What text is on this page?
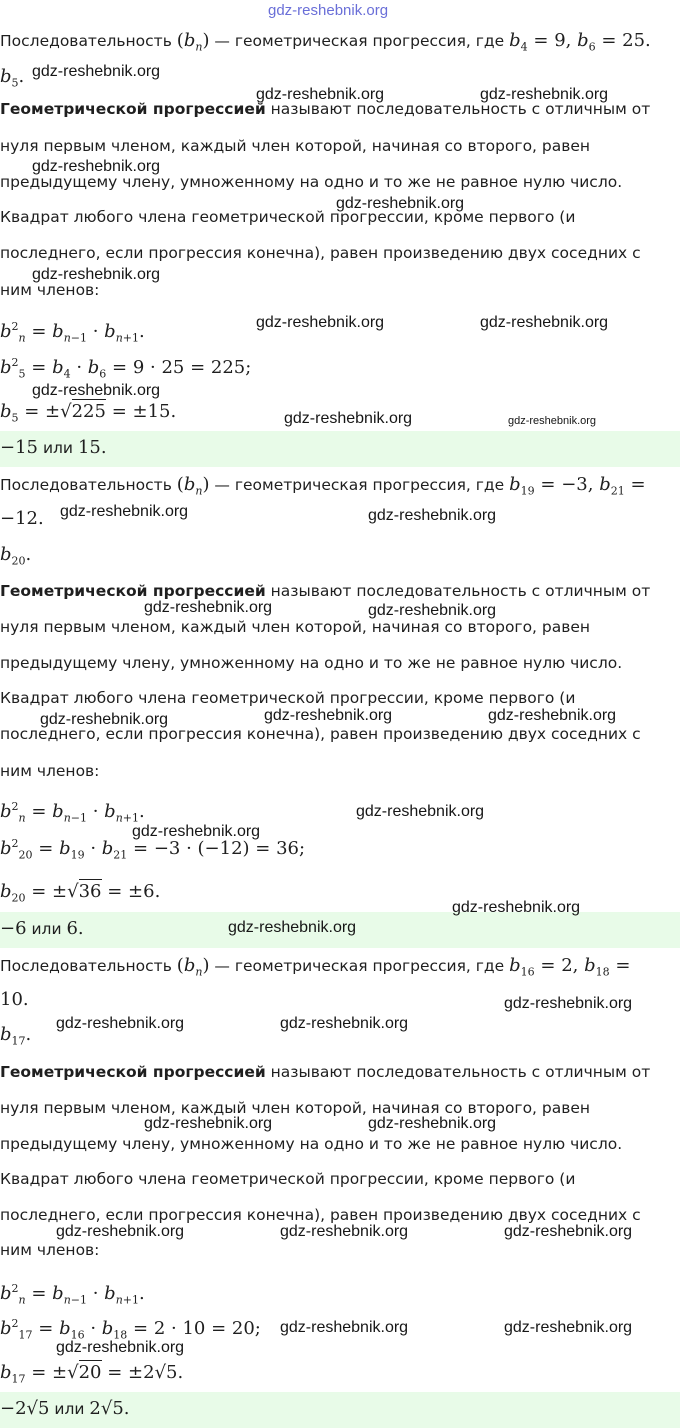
Последовательность $(b_n)$ — геометрическая прогрессия, где $b_4 = 9$, $b_6 = 25$.
$b_5$.
Геометрической прогрессией называют последовательность с отличным от
нуля первым членом, каждый член которой, начиная со второго, равен
предыдущему члену, умноженному на одно и то же не равное нулю число.
Квадрат любого члена геометрической прогрессии, кроме первого (и
последнего, если прогрессия конечна), равен произведению двух соседних с
ним членов:
$b^2_n = b_{n-1} \cdot b_{n+1}$.
$b^2_5 = b_4 \cdot b_6 = 9 \cdot 25 = 225$;
$b_5 = \pm√225 = \pm 15$.
−15 или 15.
Последовательность $(b_n)$ — геометрическая прогрессия, где $b_{19} = -3$, $b_{21}$ =
−12.
$b_{20}$.
Геометрической прогрессией называют последовательность с отличным от
нуля первым членом, каждый член которой, начиная со второго, равен
предыдущему члену, умноженному на одно и то же не равное нулю число.
Квадрат любого члена геометрической прогрессии, кроме первого (и
последнего, если прогрессия конечна), равен произведению двух соседних с
ним членов:
$b^2_n = b_{n-1} \cdot b_{n+1}$.
$b^2_{20} = b_{19} \cdot b_{21} = -3 \cdot (-12) = 36$;
$b_{20} = \pm√36 = \pm 6$.
−6 или 6.
Последовательность $(b_n)$ — геометрическая прогрессия, где $b_{16} = 2$, $b_{18}$ =
10.
$b_{17}$.
Геометрической прогрессией называют последовательность с отличным от
нуля первым членом, каждый член которой, начиная со второго, равен
предыдущему члену, умноженному на одно и то же не равное нулю число.
Квадрат любого члена геометрической прогрессии, кроме первого (и
последнего, если прогрессия конечна), равен произведению двух соседних с
ним членов:
$b^2_n = b_{n-1} \cdot b_{n+1}$.
$b^2_{17} = b_{16} \cdot b_{18} = 2 \cdot 10 = 20$;
$b_{17} = \pm√20 = \pm 2√5$.
−2√5 или 2√5.
gdz-reshebnik.org
gdz-reshebnik.org
gdz-reshebnik.org	gdz-reshebnik.org
gdz-reshebnik.org
gdz-reshebnik.org
gdz-reshebnik.org
gdz-reshebnik.org	gdz-reshebnik.org
gdz-reshebnik.org
gdz-reshebnik.org	gdz-reshebnik.org
gdz-reshebnik.org	gdz-reshebnik.org
gdz-reshebnik.org	gdz-reshebnik.org
gdz-reshebnik.org	gdz-reshebnik.org	gdz-reshebnik.org
gdz-reshebnik.org
gdz-reshebnik.org
gdz-reshebnik.org
gdz-reshebnik.org
gdz-reshebnik.org
gdz-reshebnik.org	gdz-reshebnik.org
gdz-reshebnik.org	gdz-reshebnik.org
gdz-reshebnik.org	gdz-reshebnik.org	gdz-reshebnik.org
gdz-reshebnik.org	gdz-reshebnik.org
gdz-reshebnik.org
